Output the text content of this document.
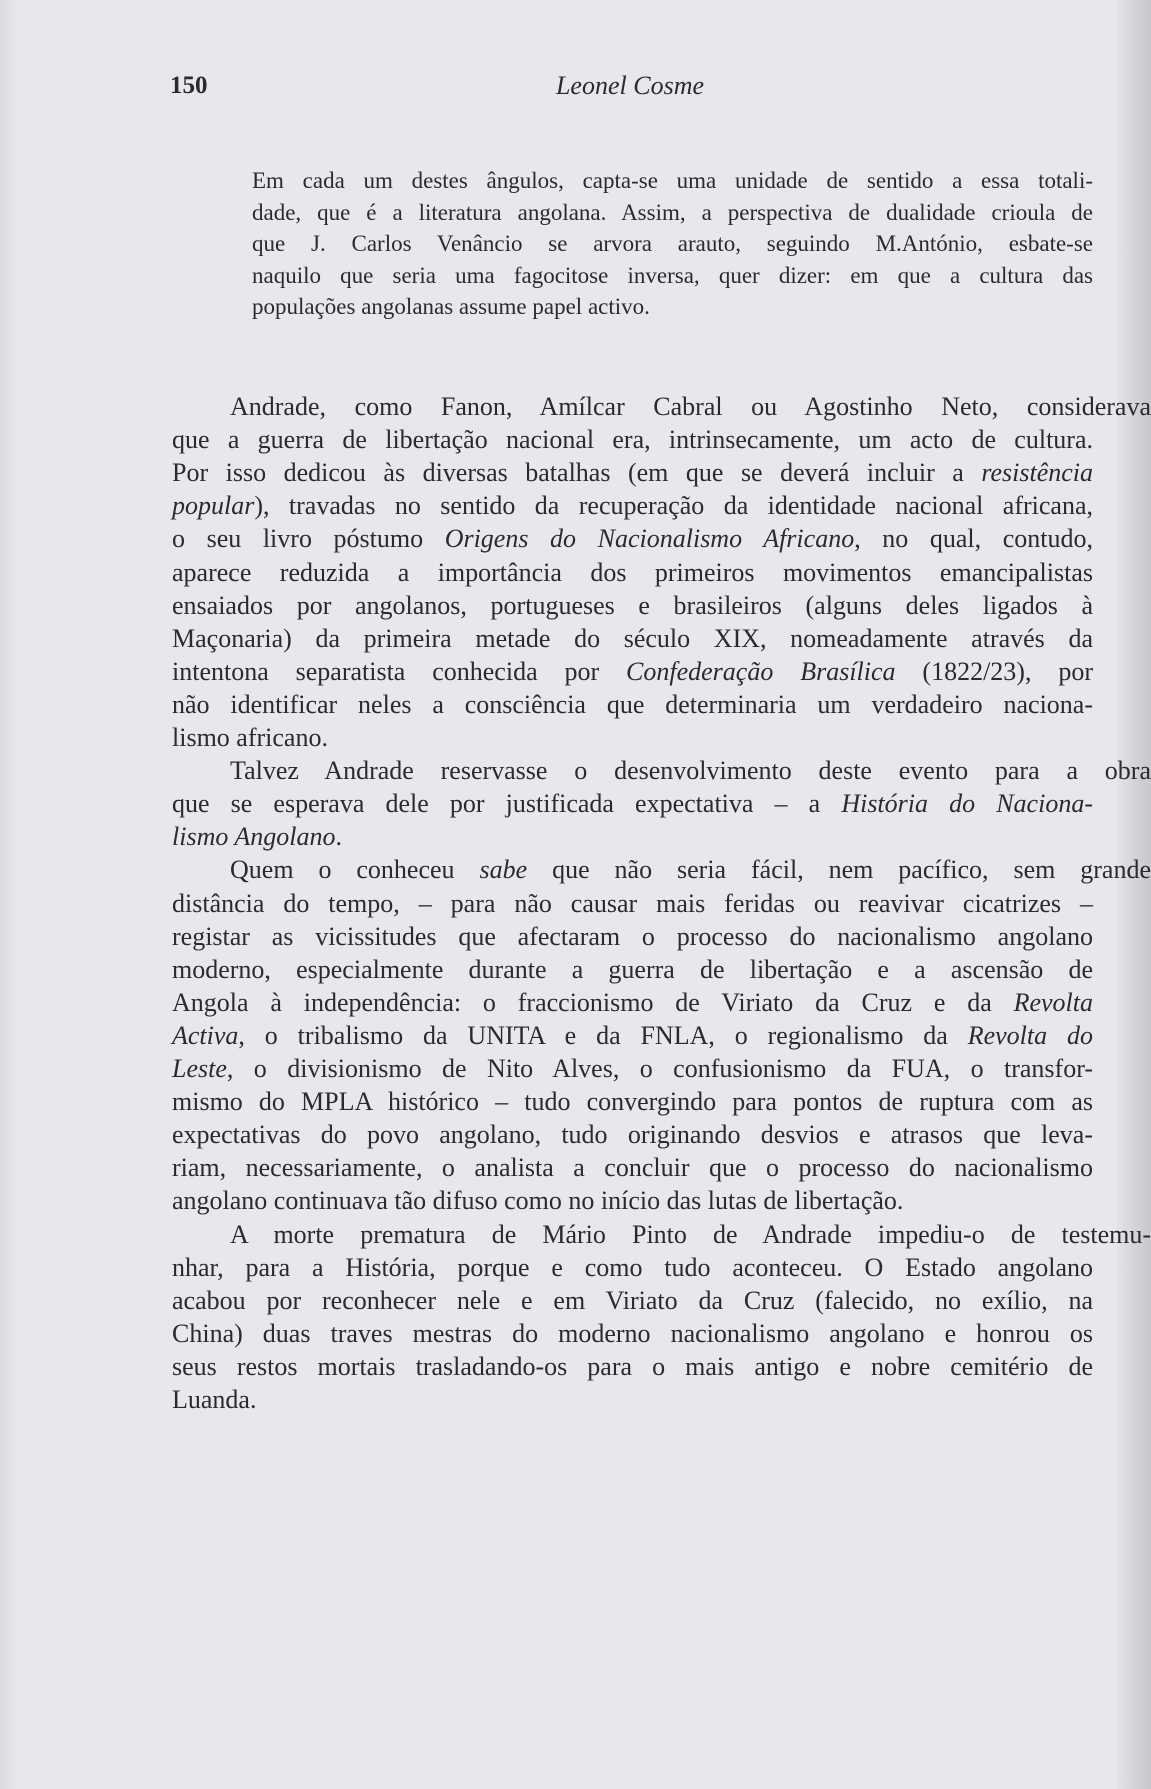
150	Leonel Cosme
Em cada um destes ângulos, capta-se uma unidade de sentido a essa totali-
dade, que é a literatura angolana. Assim, a perspectiva de dualidade crioula de
que J. Carlos Venâncio se arvora arauto, seguindo M.António, esbate-se
naquilo que seria uma fagocitose inversa, quer dizer: em que a cultura das
populações angolanas assume papel activo.
Andrade, como Fanon, Amílcar Cabral ou Agostinho Neto, considerava
que a guerra de libertação nacional era, intrinsecamente, um acto de cultura.
Por isso dedicou às diversas batalhas (em que se deverá incluir a resistência
popular), travadas no sentido da recuperação da identidade nacional africana,
o seu livro póstumo Origens do Nacionalismo Africano, no qual, contudo,
aparece reduzida a importância dos primeiros movimentos emancipalistas
ensaiados por angolanos, portugueses e brasileiros (alguns deles ligados à
Maçonaria) da primeira metade do século XIX, nomeadamente através da
intentona separatista conhecida por Confederação Brasílica (1822/23), por
não identificar neles a consciência que determinaria um verdadeiro naciona-
lismo africano.
Talvez Andrade reservasse o desenvolvimento deste evento para a obra
que se esperava dele por justificada expectativa – a História do Naciona-
lismo Angolano.
Quem o conheceu sabe que não seria fácil, nem pacífico, sem grande
distância do tempo, – para não causar mais feridas ou reavivar cicatrizes –
registar as vicissitudes que afectaram o processo do nacionalismo angolano
moderno, especialmente durante a guerra de libertação e a ascensão de
Angola à independência: o fraccionismo de Viriato da Cruz e da Revolta
Activa, o tribalismo da UNITA e da FNLA, o regionalismo da Revolta do
Leste, o divisionismo de Nito Alves, o confusionismo da FUA, o transfor-
mismo do MPLA histórico – tudo convergindo para pontos de ruptura com as
expectativas do povo angolano, tudo originando desvios e atrasos que leva-
riam, necessariamente, o analista a concluir que o processo do nacionalismo
angolano continuava tão difuso como no início das lutas de libertação.
A morte prematura de Mário Pinto de Andrade impediu-o de testemu-
nhar, para a História, porque e como tudo aconteceu. O Estado angolano
acabou por reconhecer nele e em Viriato da Cruz (falecido, no exílio, na
China) duas traves mestras do moderno nacionalismo angolano e honrou os
seus restos mortais trasladando-os para o mais antigo e nobre cemitério de
Luanda.
